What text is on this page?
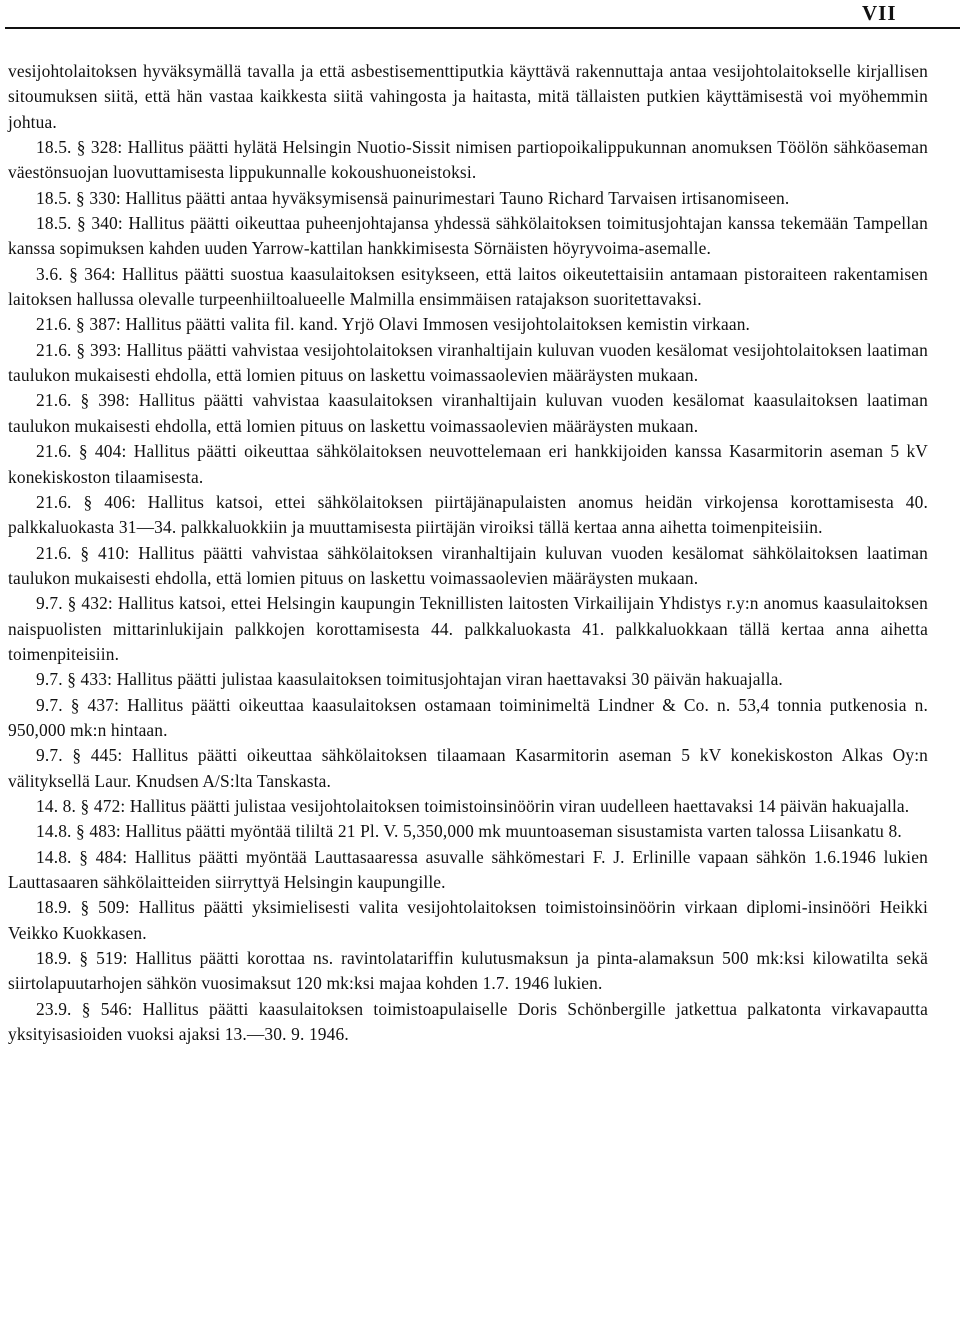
VII

vesijohtolaitoksen hyväksymällä tavalla ja että asbestisementtiputkia käyttävä rakennuttaja antaa vesijohtolaitokselle kirjallisen sitoumuksen siitä, että hän vastaa kaikkesta siitä vahingosta ja haitasta, mitä tällaisten putkien käyttämisestä voi myöhemmin johtua.

18.5. § 328: Hallitus päätti hylätä Helsingin Nuotio-Sissit nimisen partiopoikalippukunnan anomuksen Töölön sähköaseman väestönsuojan luovuttamisesta lippukunnalle kokoushuoneistoksi.

18.5. § 330: Hallitus päätti antaa hyväksymisensä painurimestari Tauno Richard Tarvaisen irtisanomiseen.

18.5. § 340: Hallitus päätti oikeuttaa puheenjohtajansa yhdessä sähkölaitoksen toimitusjohtajan kanssa tekemään Tampellan kanssa sopimuksen kahden uuden Yarrow-kattilan hankkimisesta Sörnäisten höyryvoima-asemalle.

3.6. § 364: Hallitus päätti suostua kaasulaitoksen esitykseen, että laitos oikeutettaisiin antamaan pistoraiteen rakentamisen laitoksen hallussa olevalle turpeenhiiltoalueelle Malmilla ensimmäisen ratajakson suoritettavaksi.

21.6. § 387: Hallitus päätti valita fil. kand. Yrjö Olavi Immosen vesijohtolaitoksen kemistin virkaan.

21.6. § 393: Hallitus päätti vahvistaa vesijohtolaitoksen viranhaltijain kuluvan vuoden kesälomat vesijohtolaitoksen laatiman taulukon mukaisesti ehdolla, että lomien pituus on laskettu voimassaolevien määräysten mukaan.

21.6. § 398: Hallitus päätti vahvistaa kaasulaitoksen viranhaltijain kuluvan vuoden kesälomat kaasulaitoksen laatiman taulukon mukaisesti ehdolla, että lomien pituus on laskettu voimassaolevien määräysten mukaan.

21.6. § 404: Hallitus päätti oikeuttaa sähkölaitoksen neuvottelemaan eri hankkijoiden kanssa Kasarmitorin aseman 5 kV konekiskoston tilaamisesta.

21.6. § 406: Hallitus katsoi, ettei sähkölaitoksen piirtäjänapulaisten anomus heidän virkojensa korottamisesta 40. palkkaluokasta 31—34. palkkaluokkiin ja muuttamisesta piirtäjän viroiksi tällä kertaa anna aihetta toimenpiteisiin.

21.6. § 410: Hallitus päätti vahvistaa sähkölaitoksen viranhaltijain kuluvan vuoden kesälomat sähkölaitoksen laatiman taulukon mukaisesti ehdolla, että lomien pituus on laskettu voimassaolevien määräysten mukaan.

9.7. § 432: Hallitus katsoi, ettei Helsingin kaupungin Teknillisten laitosten Virkailijain Yhdistys r.y:n anomus kaasulaitoksen naispuolisten mittarinlukijain palkkojen korottamisesta 44. palkkaluokasta 41. palkkaluokkaan tällä kertaa anna aihetta toimenpiteisiin.

9.7. § 433: Hallitus päätti julistaa kaasulaitoksen toimitusjohtajan viran haettavaksi 30 päivän hakuajalla.

9.7. § 437: Hallitus päätti oikeuttaa kaasulaitoksen ostamaan toiminimeltä Lindner & Co. n. 53,4 tonnia putkenosia n. 950,000 mk:n hintaan.

9.7. § 445: Hallitus päätti oikeuttaa sähkölaitoksen tilaamaan Kasarmitorin aseman 5 kV konekiskoston Alkas Oy:n välityksellä Laur. Knudsen A/S:lta Tanskasta.

14. 8. § 472: Hallitus päätti julistaa vesijohtolaitoksen toimistoinsinöörin viran uudelleen haettavaksi 14 päivän hakuajalla.

14.8. § 483: Hallitus päätti myöntää tililtä 21 Pl. V. 5,350,000 mk muuntoaseman sisustamista varten talossa Liisankatu 8.

14.8. § 484: Hallitus päätti myöntää Lauttasaaressa asuvalle sähkömestari F. J. Erlinille vapaan sähkön 1.6.1946 lukien Lauttasaaren sähkölaitteiden siirryttyä Helsingin kaupungille.

18.9. § 509: Hallitus päätti yksimielisesti valita vesijohtolaitoksen toimistoinsinöörin virkaan diplomi-insinööri Heikki Veikko Kuokkasen.

18.9. § 519: Hallitus päätti korottaa ns. ravintolatariffin kulutusmaksun ja pinta-alamaksun 500 mk:ksi kilowatilta sekä siirtolapuutarhojen sähkön vuosimaksut 120 mk:ksi majaa kohden 1.7. 1946 lukien.

23.9. § 546: Hallitus päätti kaasulaitoksen toimistoapulaiselle Doris Schönbergille jatkettua palkatonta virkavapautta yksityisasioiden vuoksi ajaksi 13.—30. 9. 1946.
